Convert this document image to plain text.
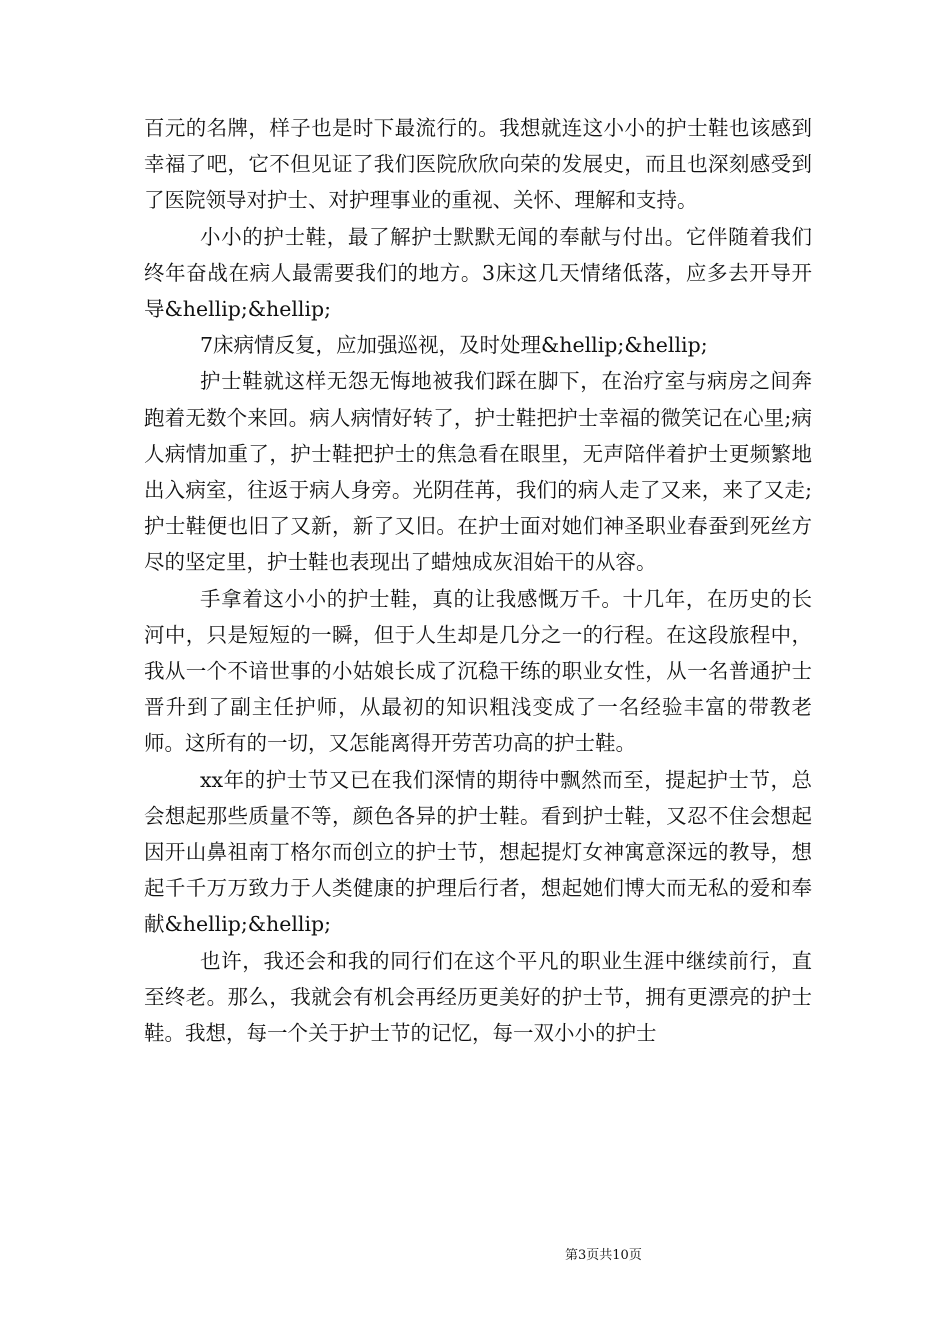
百元的名牌，样子也是时下最流行的。我想就连这小小的护士鞋也该感到幸福了吧，它不但见证了我们医院欣欣向荣的发展史，而且也深刻感受到了医院领导对护士、对护理事业的重视、关怀、理解和支持。

小小的护士鞋，最了解护士默默无闻的奉献与付出。它伴随着我们终年奋战在病人最需要我们的地方。3床这几天情绪低落，应多去开导开导&hellip;&hellip;

7床病情反复，应加强巡视，及时处理&hellip;&hellip;

护士鞋就这样无怨无悔地被我们踩在脚下，在治疗室与病房之间奔跑着无数个来回。病人病情好转了，护士鞋把护士幸福的微笑记在心里;病人病情加重了，护士鞋把护士的焦急看在眼里，无声陪伴着护士更频繁地出入病室，往返于病人身旁。光阴荏苒，我们的病人走了又来，来了又走;护士鞋便也旧了又新，新了又旧。在护士面对她们神圣职业春蚕到死丝方尽的坚定里，护士鞋也表现出了蜡烛成灰泪始干的从容。

手拿着这小小的护士鞋，真的让我感慨万千。十几年，在历史的长河中，只是短短的一瞬，但于人生却是几分之一的行程。在这段旅程中，我从一个不谙世事的小姑娘长成了沉稳干练的职业女性，从一名普通护士晋升到了副主任护师，从最初的知识粗浅变成了一名经验丰富的带教老师。这所有的一切，又怎能离得开劳苦功高的护士鞋。

xx年的护士节又已在我们深情的期待中飘然而至，提起护士节，总会想起那些质量不等，颜色各异的护士鞋。看到护士鞋，又忍不住会想起因开山鼻祖南丁格尔而创立的护士节，想起提灯女神寓意深远的教导，想起千千万万致力于人类健康的护理后行者，想起她们博大而无私的爱和奉献&hellip;&hellip;

也许，我还会和我的同行们在这个平凡的职业生涯中继续前行，直至终老。那么，我就会有机会再经历更美好的护士节，拥有更漂亮的护士鞋。我想，每一个关于护士节的记忆，每一双小小的护士

第3页共10页
